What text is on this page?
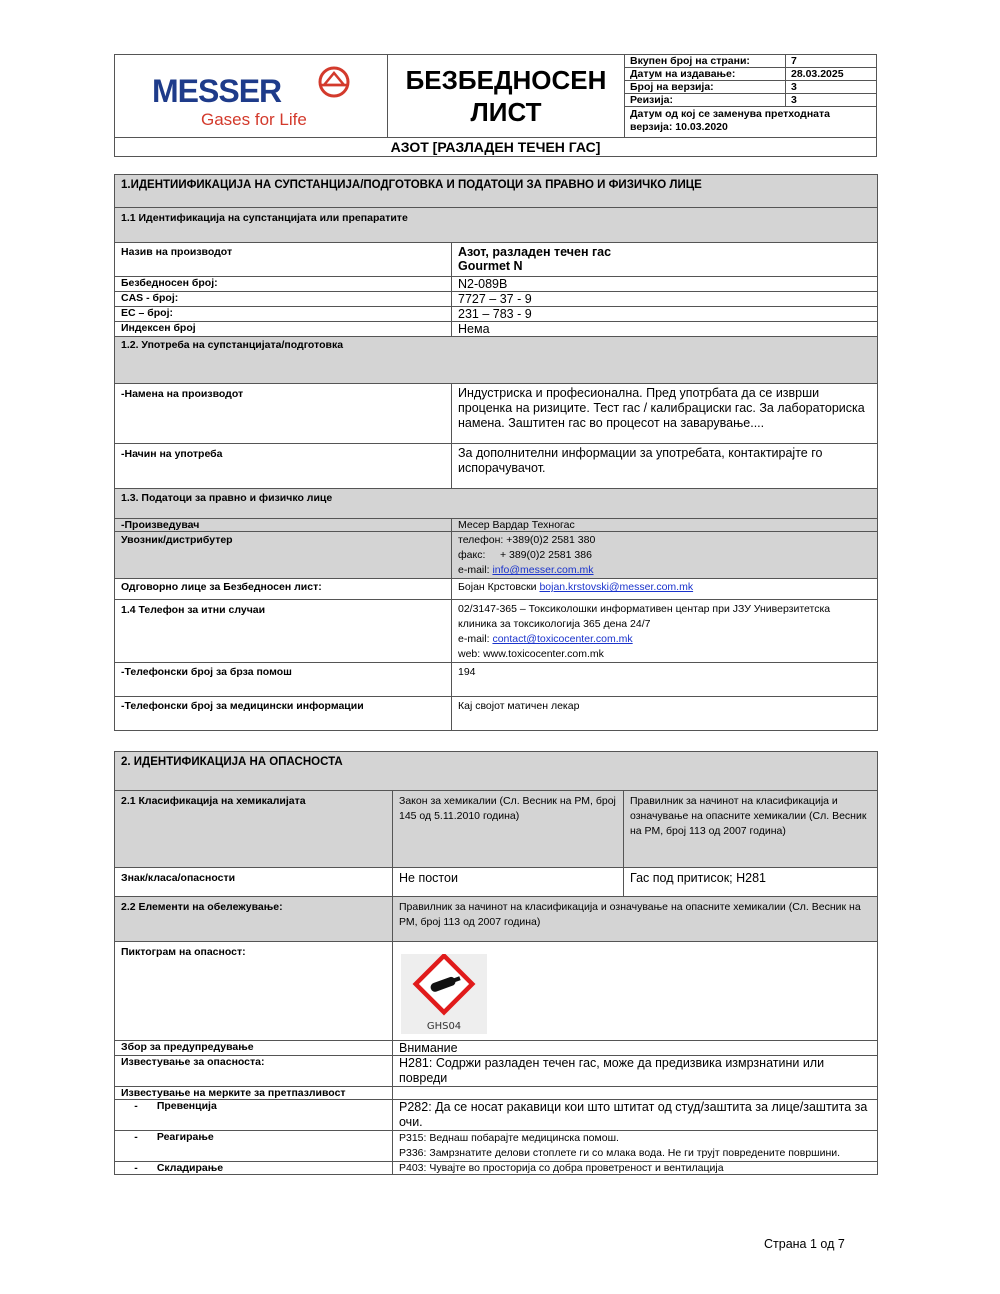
MESSER
Gases for Life

БЕЗБЕДНОСЕН
ЛИСТ

Вкупен број на страни:	7
Датум на издавање:	28.03.2025
Број на верзија:	3
Реизија:	3
Датум од кој се заменува претходната верзија: 10.03.2020

АЗОТ [РАЗЛАДЕН ТЕЧЕН ГАС]
1.ИДЕНТИИФИКАЦИЈА НА СУПСТАНЦИЈА/ПОДГОТОВКА И ПОДАТОЦИ ЗА ПРАВНО И ФИЗИЧКО ЛИЦЕ	
1.1 Идентификација на супстанцијата или препаратите	
Назив на производот	Азот, разладен течен гас
Gourmet N

Безбедносен број:	N2-089B
CAS - број:	7727 – 37 - 9
EC – број:	231 – 783 - 9
Индексен број	Нема
1.2. Употреба на супстанцијата/подготовка	
-Намена на производот	Индустриска и професионална. Пред употрбата да се изврши проценка на ризиците. Тест гас / калибрациски гас. За лабораториска намена. Заштитен гас во процесот на заварување....
-Начин на употреба	За дополнителни информации за употребата, контактирајте го испорачувачот.
1.3. Податоци за правно и физичко лице	
-Произведувач	Месер Вардар Техногас
Увозник/дистрибутер	телефон: +389(0)2 2581 380
факс: + 389(0)2 2581 386
e-mail: info@messer.com.mk

Одговорно лице за Безбедносен лист:	Бојан Крстовски bojan.krstovski@messer.com.mk
1.4 Телефон за итни случаи	02/3147-365 – Токсиколошки информативен центар при ЈЗУ Универзитетска клиника за токсикологија 365 дена 24/7
e-mail: contact@toxicocenter.com.mk
web: www.toxicocenter.com.mk

-Телефонски број за брза помош	194
-Телефонски број за медицински информации	Кај својот матичен лекар
2. ИДЕНТИФИКАЦИЈА НА ОПАСНОСТА		
2.1 Класификација на хемикалијата	Закон за хемикалии (Сл. Весник на РМ, број 145 од 5.11.2010 година)	Правилник за начинот на класификација и означување на опасните хемикалии (Сл. Весник на РМ, број 113 од 2007 година)
Знак/класа/опасности	Не постои	Гас под притисок; H281
2.2 Елементи на обележување:	Правилник за начинот на класификација и означување на опасните хемикалии (Сл. Весник на РМ, број 113 од 2007 година)	
Пиктограм на опасност:	GHS04	

Збор за предупредување	Внимание	
Известување за опасноста:	H281: Содржи разладен течен гас, може да предизвика измрзнатини или повреди	
Известување на мерките за претпазливост		
- Превенција	P282: Да се носат ракавици кои што штитат од студ/заштита за лице/заштита за очи.	
- Реагирање	P315: Веднаш побарајте медицинска помош.
P336: Замрзнатите делови стоплете ги со млака вода. Не ги трујт повредените површини.	

- Складирање	P403: Чувајте во просторија со добра проветреност и вентилација	
Страна 1 од 7
